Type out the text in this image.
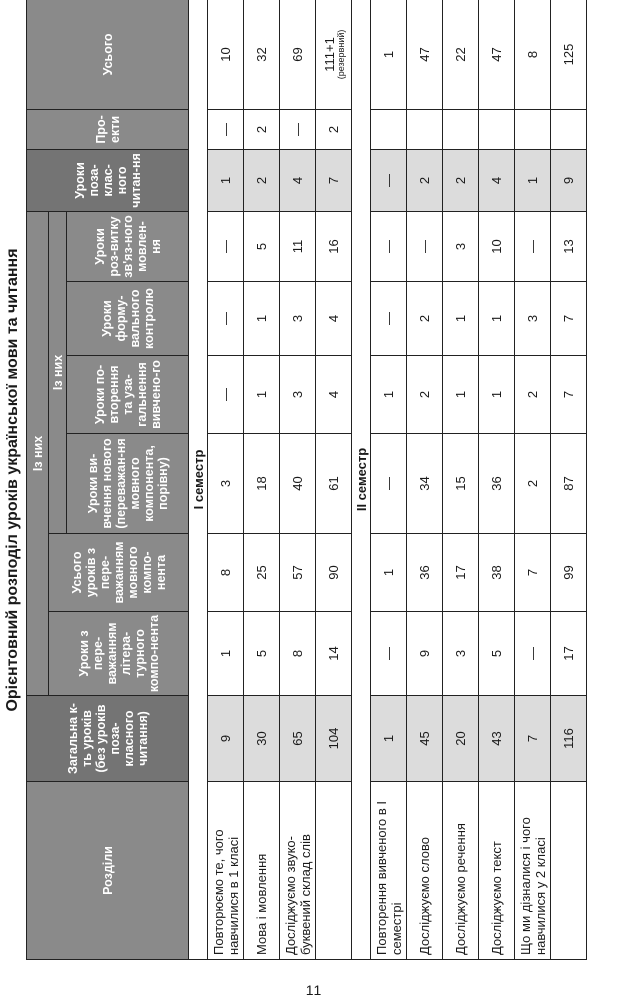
Орієнтовний розподіл уроків української мови та читання
Розділи	Загальна к-ть уроків (без уроків поза-класного читання)	Із них						Уроки поза-клас-ного читан-ня	Про-екти	Усього
		Уроки з пере-важанням літера-турного компо-нента	Усього уроків з пере-важанням мовного компо-нента	Із них						
				Уроки ви-вчення нового (переважан-ня мовного компонента, порівну)	Уроки по-вторення та уза-гальнення вивчено-го	Уроки форму-вального контролю	Уроки роз-витку зв'яз-ного мовлен-ня			
I семестр										
Повторюємо те, чого навчилися в 1 класі	9	1	8	3	—	—	—	1	—	10
Мова і мовлення	30	5	25	18	1	1	5	2	2	32
Досліджуємо звуко-буквений склад слів	65	8	57	40	3	3	11	4	—	69
	104	14	90	61	4	4	16	7	2	111+1 (резервний)

II семестр										
Повторення вивченого в I семестрі	1	—	1	—	1	—	—	—		1
Досліджуємо слово	45	9	36	34	2	2	—	2		47
Досліджуємо речення	20	3	17	15	1	1	3	2		22
Досліджуємо текст	43	5	38	36	1	1	10	4		47
Що ми дізналися і чого навчилися у 2 класі	7	—	7	2	2	3	—	1		8
	116	17	99	87	7	7	13	9		125
11
